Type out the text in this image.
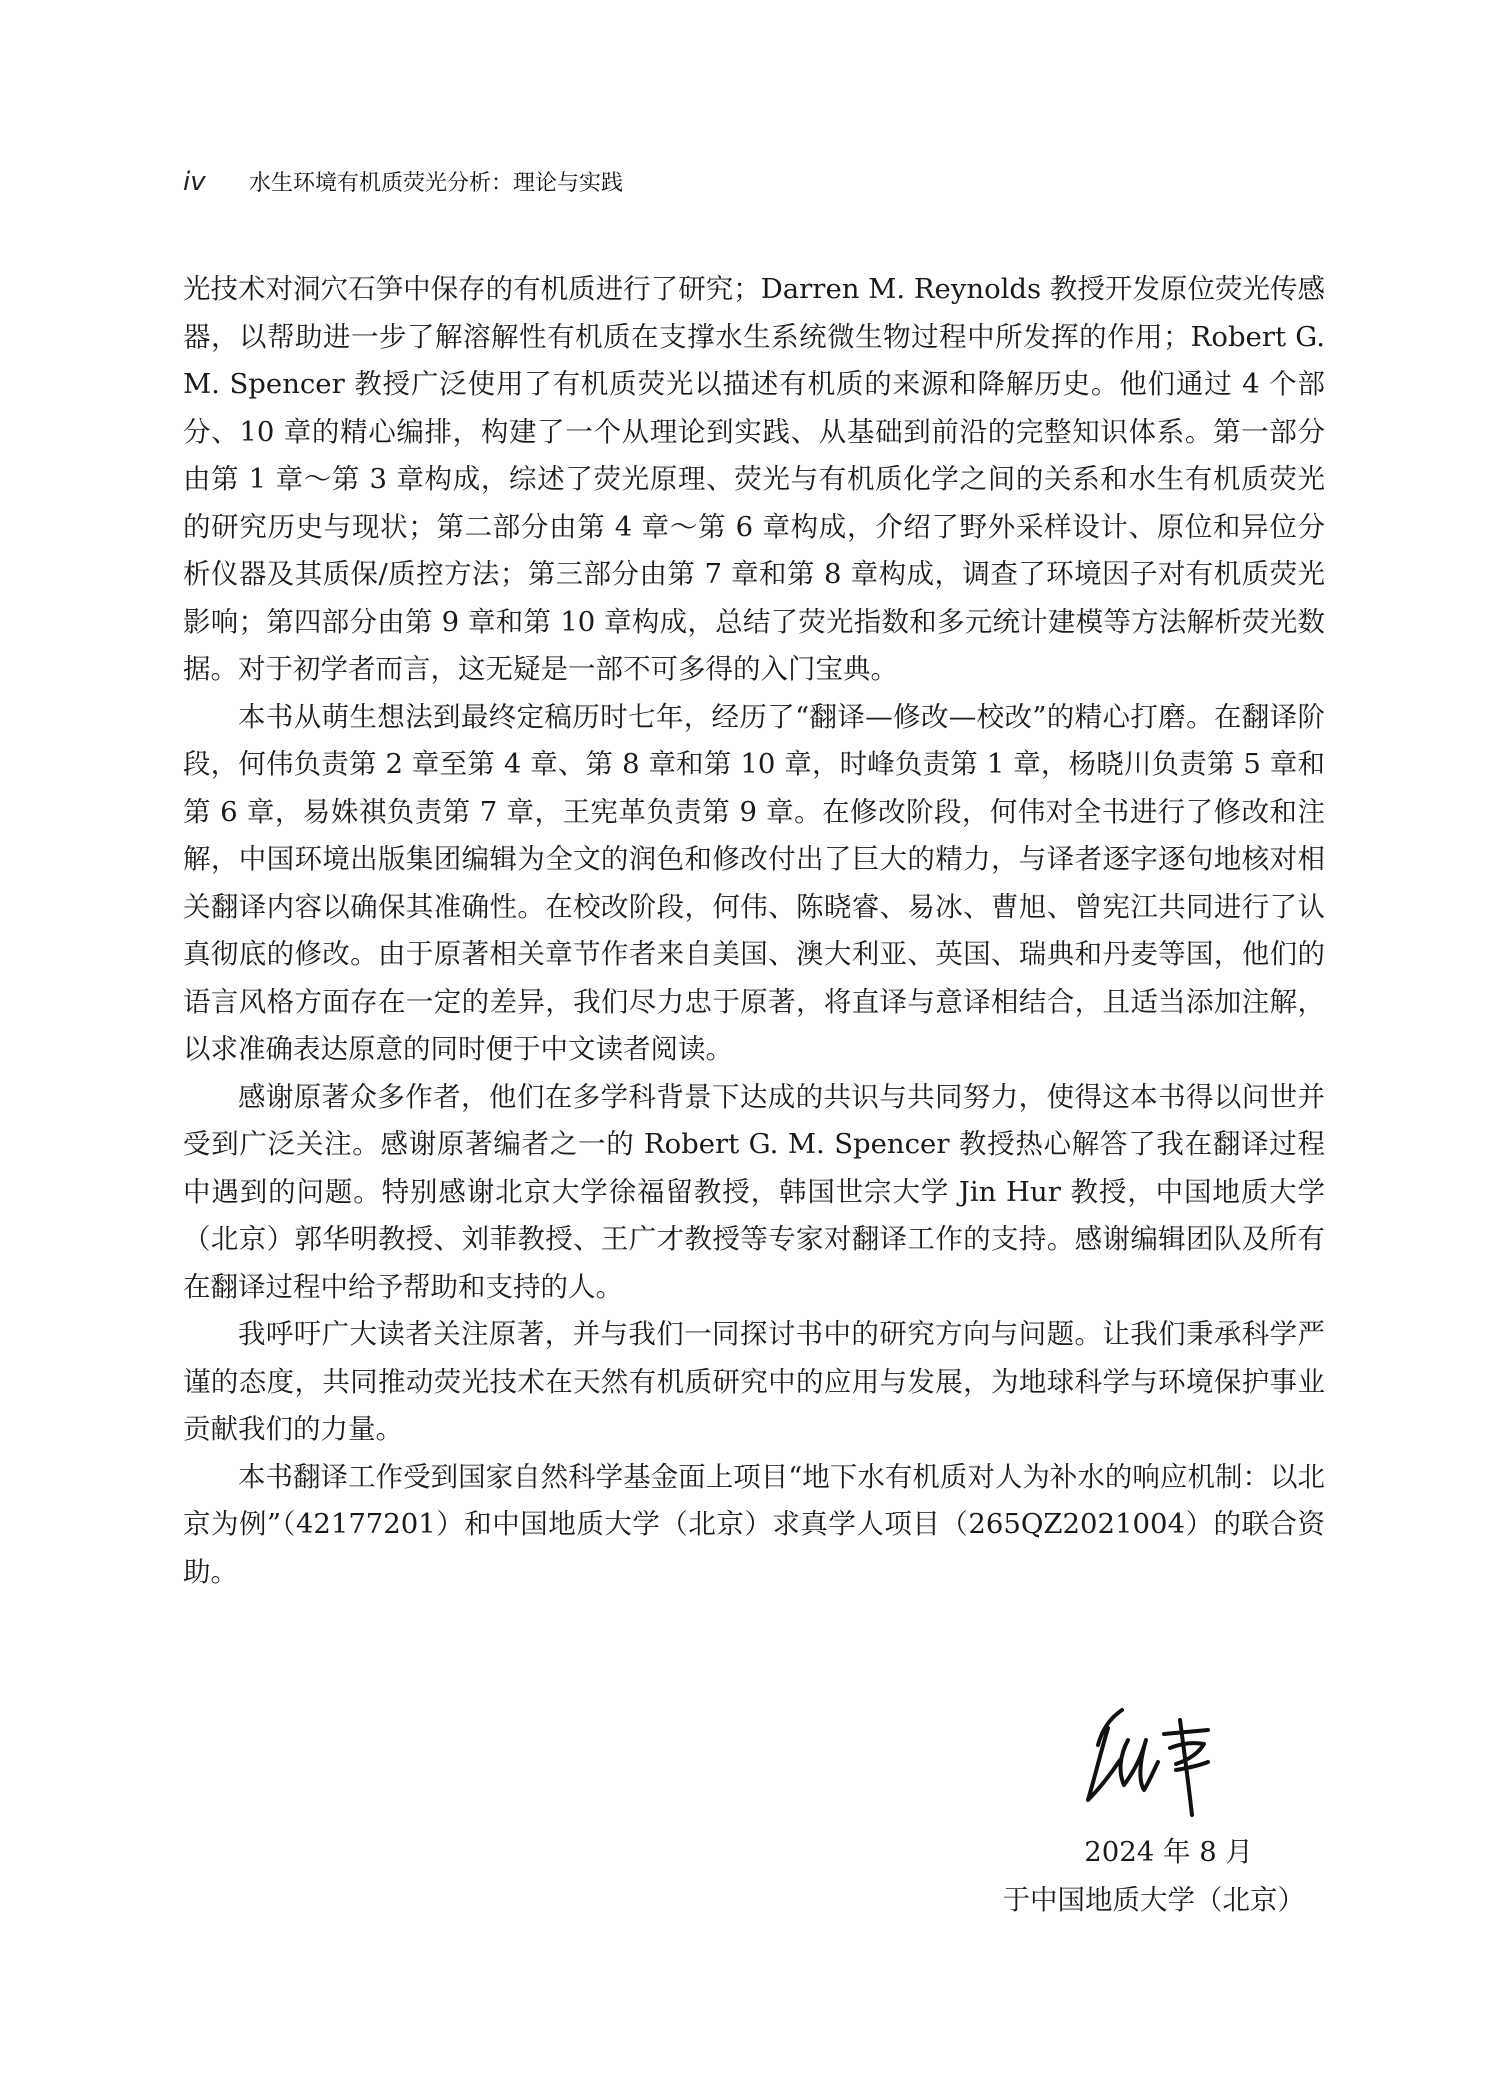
iv	水生环境有机质荧光分析：理论与实践

光技术对洞穴石笋中保存的有机质进行了研究；Darren M. Reynolds 教授开发原位荧光传感器，以帮助进一步了解溶解性有机质在支撑水生系统微生物过程中所发挥的作用；Robert G. M. Spencer 教授广泛使用了有机质荧光以描述有机质的来源和降解历史。他们通过 4 个部分、10 章的精心编排，构建了一个从理论到实践、从基础到前沿的完整知识体系。第一部分由第 1 章～第 3 章构成，综述了荧光原理、荧光与有机质化学之间的关系和水生有机质荧光的研究历史与现状；第二部分由第 4 章～第 6 章构成，介绍了野外采样设计、原位和异位分析仪器及其质保/质控方法；第三部分由第 7 章和第 8 章构成，调查了环境因子对有机质荧光影响；第四部分由第 9 章和第 10 章构成，总结了荧光指数和多元统计建模等方法解析荧光数据。对于初学者而言，这无疑是一部不可多得的入门宝典。

本书从萌生想法到最终定稿历时七年，经历了“翻译—修改—校改”的精心打磨。在翻译阶段，何伟负责第 2 章至第 4 章、第 8 章和第 10 章，时峰负责第 1 章，杨晓川负责第 5 章和第 6 章，易姝祺负责第 7 章，王宪革负责第 9 章。在修改阶段，何伟对全书进行了修改和注解，中国环境出版集团编辑为全文的润色和修改付出了巨大的精力，与译者逐字逐句地核对相关翻译内容以确保其准确性。在校改阶段，何伟、陈晓睿、易冰、曹旭、曾宪江共同进行了认真彻底的修改。由于原著相关章节作者来自美国、澳大利亚、英国、瑞典和丹麦等国，他们的语言风格方面存在一定的差异，我们尽力忠于原著，将直译与意译相结合，且适当添加注解，以求准确表达原意的同时便于中文读者阅读。

感谢原著众多作者，他们在多学科背景下达成的共识与共同努力，使得这本书得以问世并受到广泛关注。感谢原著编者之一的 Robert G. M. Spencer 教授热心解答了我在翻译过程中遇到的问题。特别感谢北京大学徐福留教授，韩国世宗大学 Jin Hur 教授，中国地质大学（北京）郭华明教授、刘菲教授、王广才教授等专家对翻译工作的支持。感谢编辑团队及所有在翻译过程中给予帮助和支持的人。

我呼吁广大读者关注原著，并与我们一同探讨书中的研究方向与问题。让我们秉承科学严谨的态度，共同推动荧光技术在天然有机质研究中的应用与发展，为地球科学与环境保护事业贡献我们的力量。

本书翻译工作受到国家自然科学基金面上项目“地下水有机质对人为补水的响应机制：以北京为例”（42177201）和中国地质大学（北京）求真学人项目（265QZ2021004）的联合资助。

2024 年 8 月
于中国地质大学（北京）
